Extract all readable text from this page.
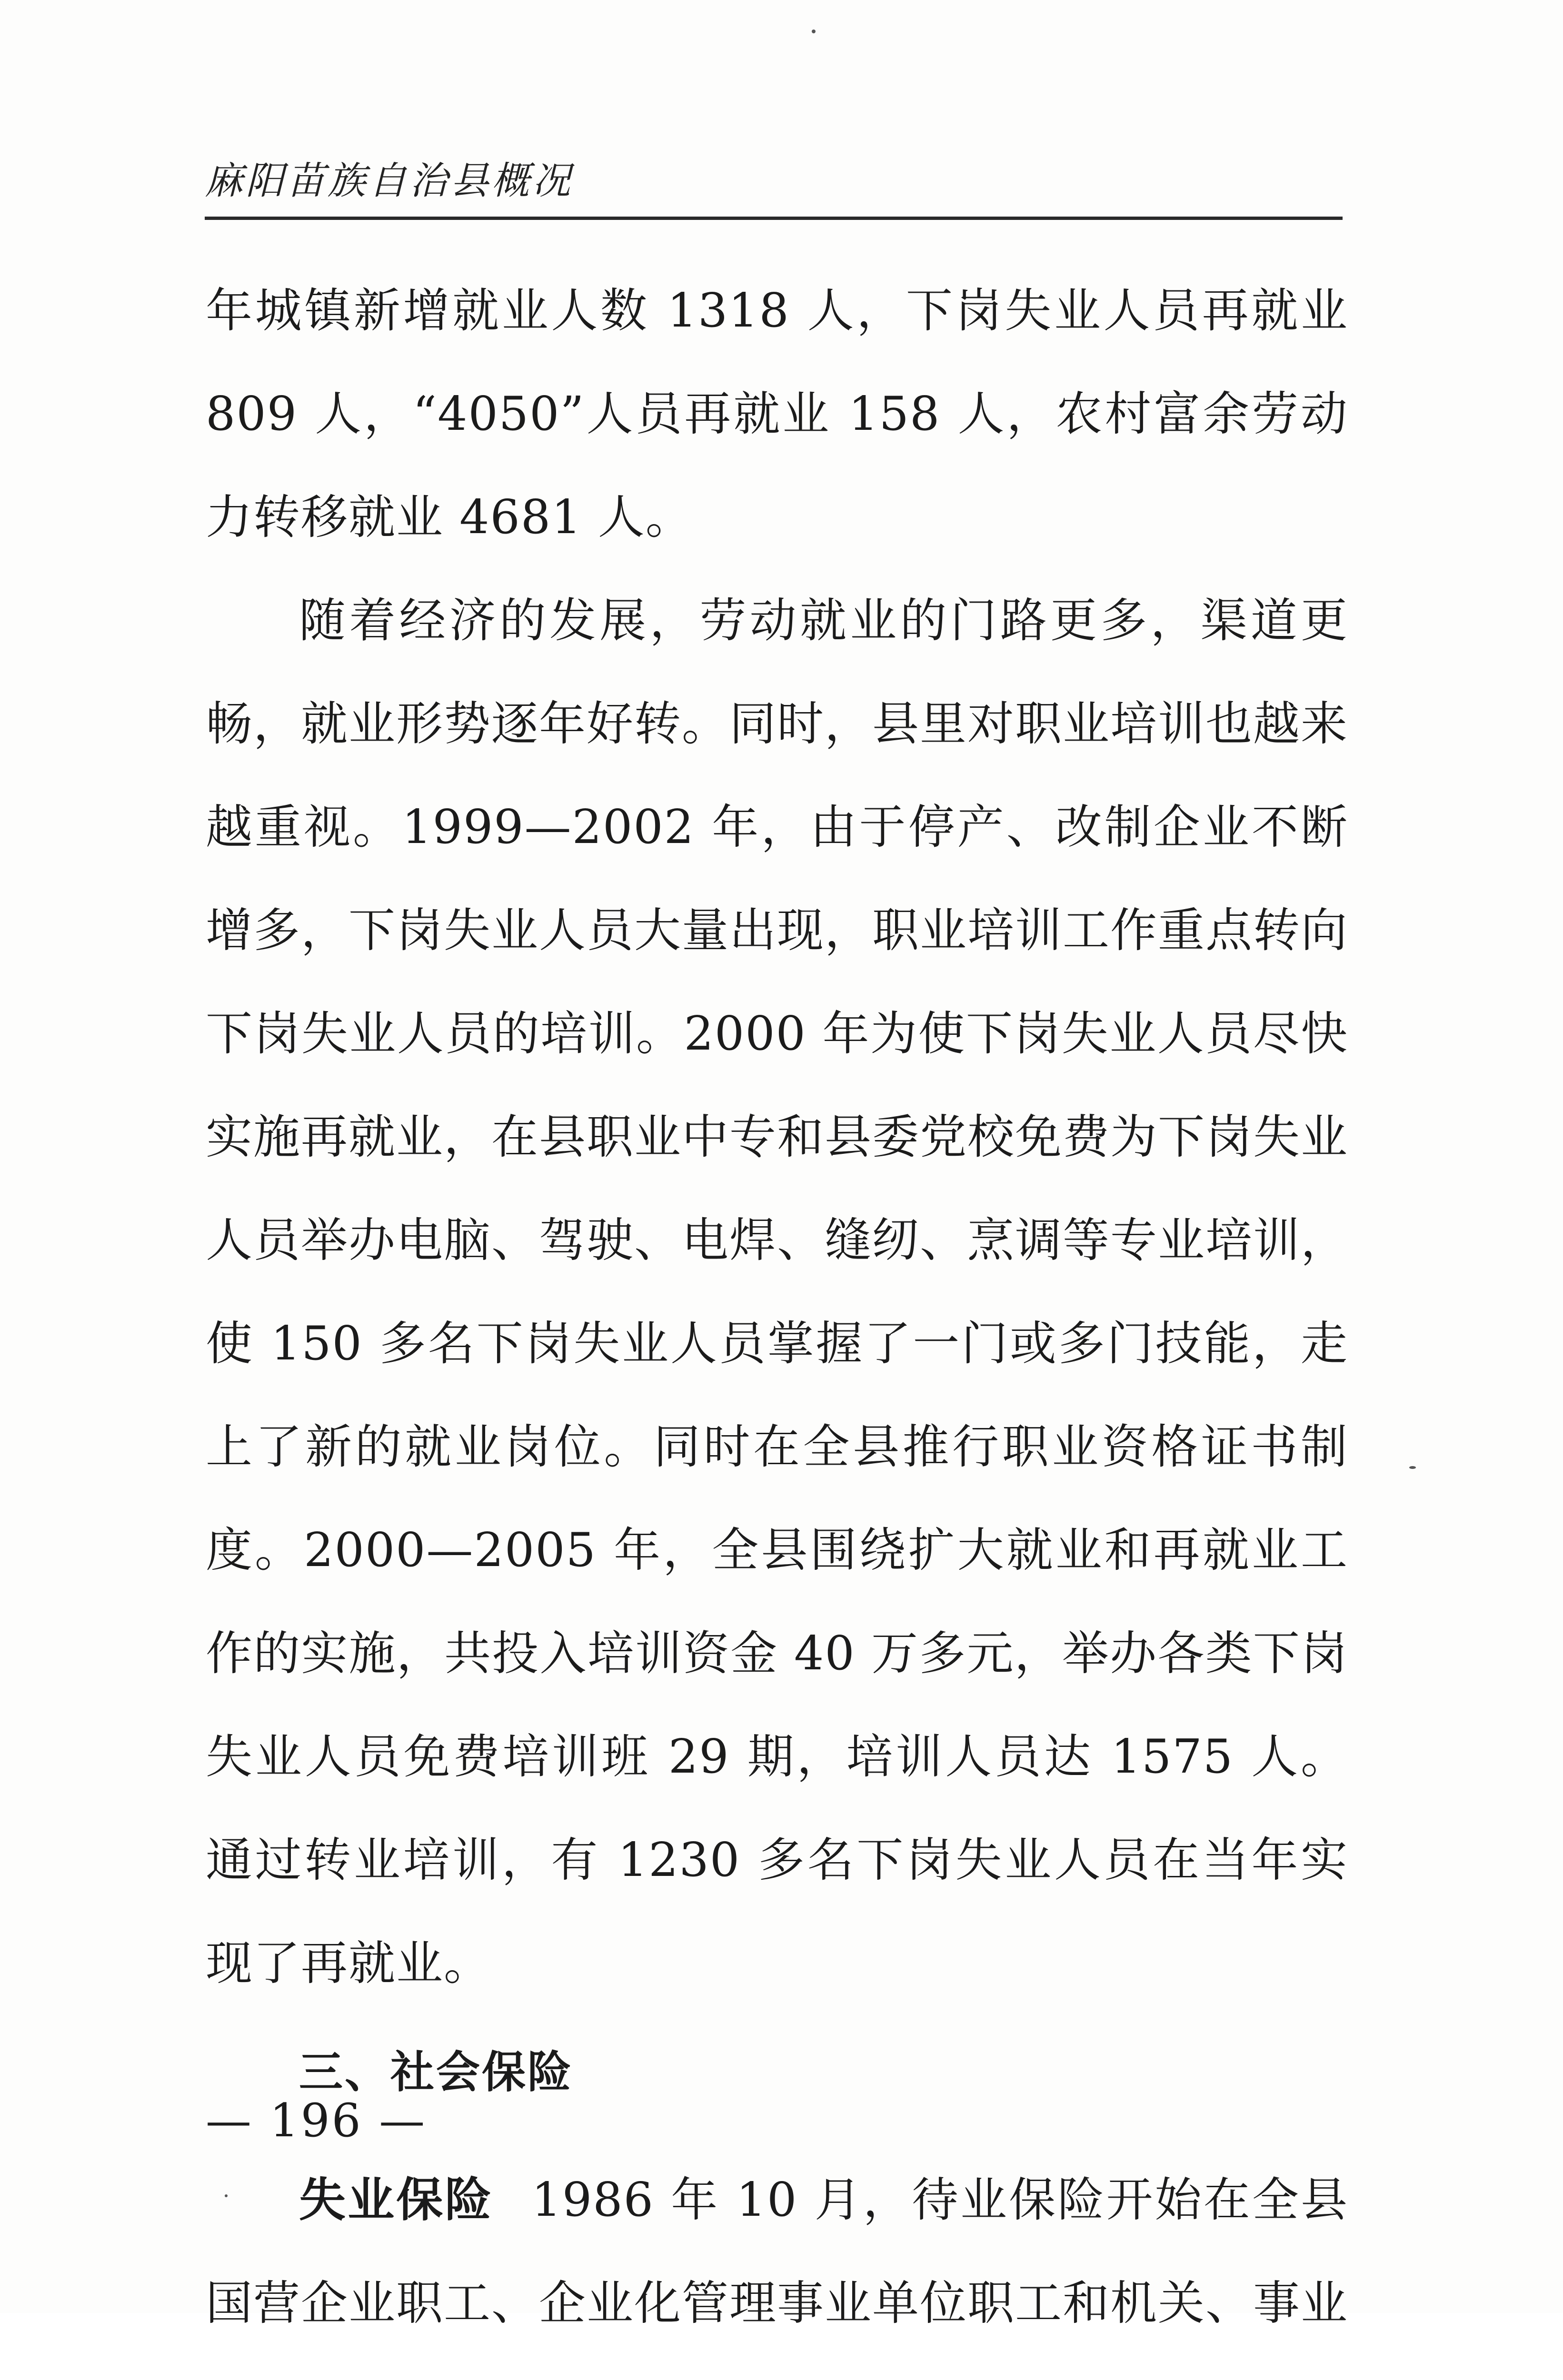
麻阳苗族自治县概况

年城镇新增就业人数 1318 人，下岗失业人员再就业 809 人，“4050”人员再就业 158 人，农村富余劳动力转移就业 4681 人。

随着经济的发展，劳动就业的门路更多，渠道更畅，就业形势逐年好转。同时，县里对职业培训也越来越重视。1999—2002 年，由于停产、改制企业不断增多，下岗失业人员大量出现，职业培训工作重点转向下岗失业人员的培训。2000 年为使下岗失业人员尽快实施再就业，在县职业中专和县委党校免费为下岗失业人员举办电脑、驾驶、电焊、缝纫、烹调等专业培训，使 150 多名下岗失业人员掌握了一门或多门技能，走上了新的就业岗位。同时在全县推行职业资格证书制度。2000—2005 年，全县围绕扩大就业和再就业工作的实施，共投入培训资金 40 万多元，举办各类下岗失业人员免费培训班 29 期，培训人员达 1575 人。通过转业培训，有 1230 多名下岗失业人员在当年实现了再就业。

三、社会保险

失业保险 1986 年 10 月，待业保险开始在全县国营企业职工、企业化管理事业单位职工和机关、事业

— 196 —
